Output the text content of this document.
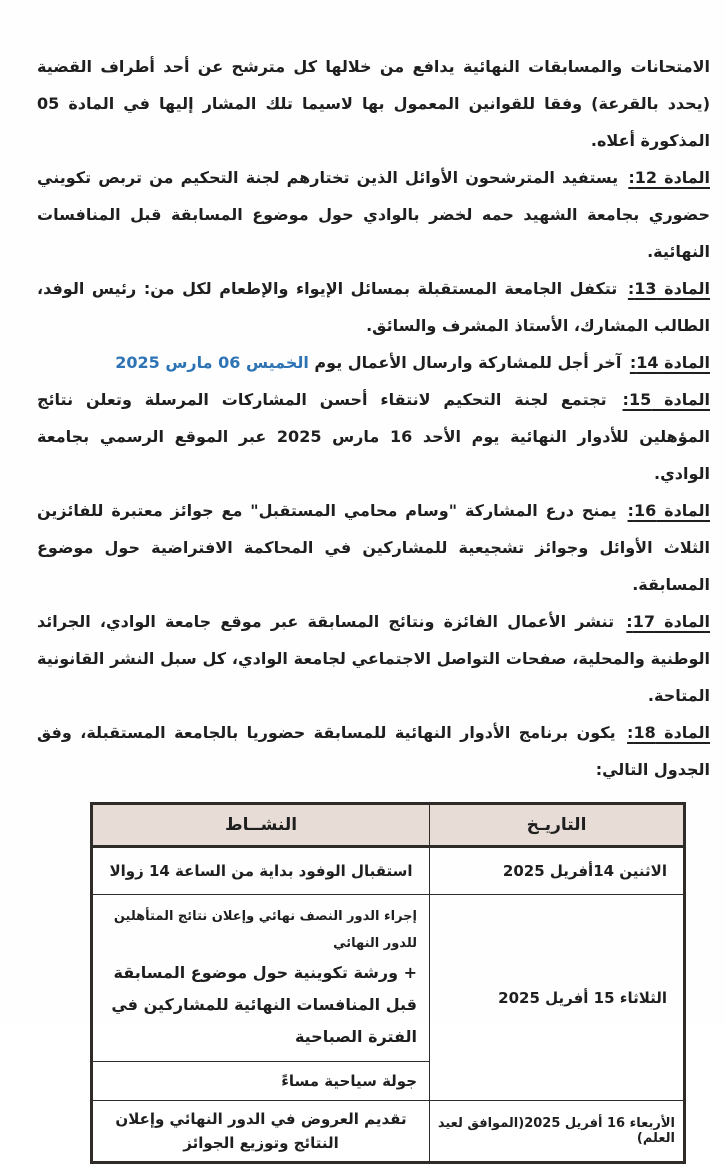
الامتحانات والمسابقات النهائية يدافع من خلالها كل مترشح عن أحد أطراف القضية (يحدد بالقرعة) وفقا للقوانين المعمول بها لاسيما تلك المشار إليها في المادة 05 المذكورة أعلاه.

المادة 12: يستفيد المترشحون الأوائل الذين تختارهم لجنة التحكيم من تربص تكويني حضوري بجامعة الشهيد حمه لخضر بالوادي حول موضوع المسابقة قبل المنافسات النهائية.

المادة 13: تتكفل الجامعة المستقبلة بمسائل الإيواء والإطعام لكل من: رئيس الوفد، الطالب المشارك، الأستاذ المشرف والسائق.

المادة 14: آخر أجل للمشاركة وارسال الأعمال يوم الخميس 06 مارس 2025

المادة 15: تجتمع لجنة التحكيم لانتقاء أحسن المشاركات المرسلة وتعلن نتائج المؤهلين للأدوار النهائية يوم الأحد 16 مارس 2025 عبر الموقع الرسمي بجامعة الوادي.

المادة 16: يمنح درع المشاركة "وسام محامي المستقبل" مع جوائز معتبرة للفائزين الثلاث الأوائل وجوائز تشجيعية للمشاركين في المحاكمة الافتراضية حول موضوع المسابقة.

المادة 17: تنشر الأعمال الفائزة ونتائج المسابقة عبر موقع جامعة الوادي، الجرائد الوطنية والمحلية، صفحات التواصل الاجتماعي لجامعة الوادي، كل سبل النشر القانونية المتاحة.

المادة 18: يكون برنامج الأدوار النهائية للمسابقة حضوريا بالجامعة المستقبلة، وفق الجدول التالي:

التاريـخ	النشــاط
الاثنين 14أفريل 2025	استقبال الوفود بداية من الساعة 14 زوالا
الثلاثاء 15 أفريل 2025	إجراء الدور النصف نهائي وإعلان نتائج المتأهلين للدور النهائي
+ ورشة تكوينية حول موضوع المسابقة قبل المنافسات النهائية للمشاركين في الفترة الصباحية

	جولة سياحية مساءً
الأربعاء 16 أفريل 2025(الموافق لعيد العلم)	تقديم العروض في الدور النهائي وإعلان النتائج وتوزيع الجوائز
